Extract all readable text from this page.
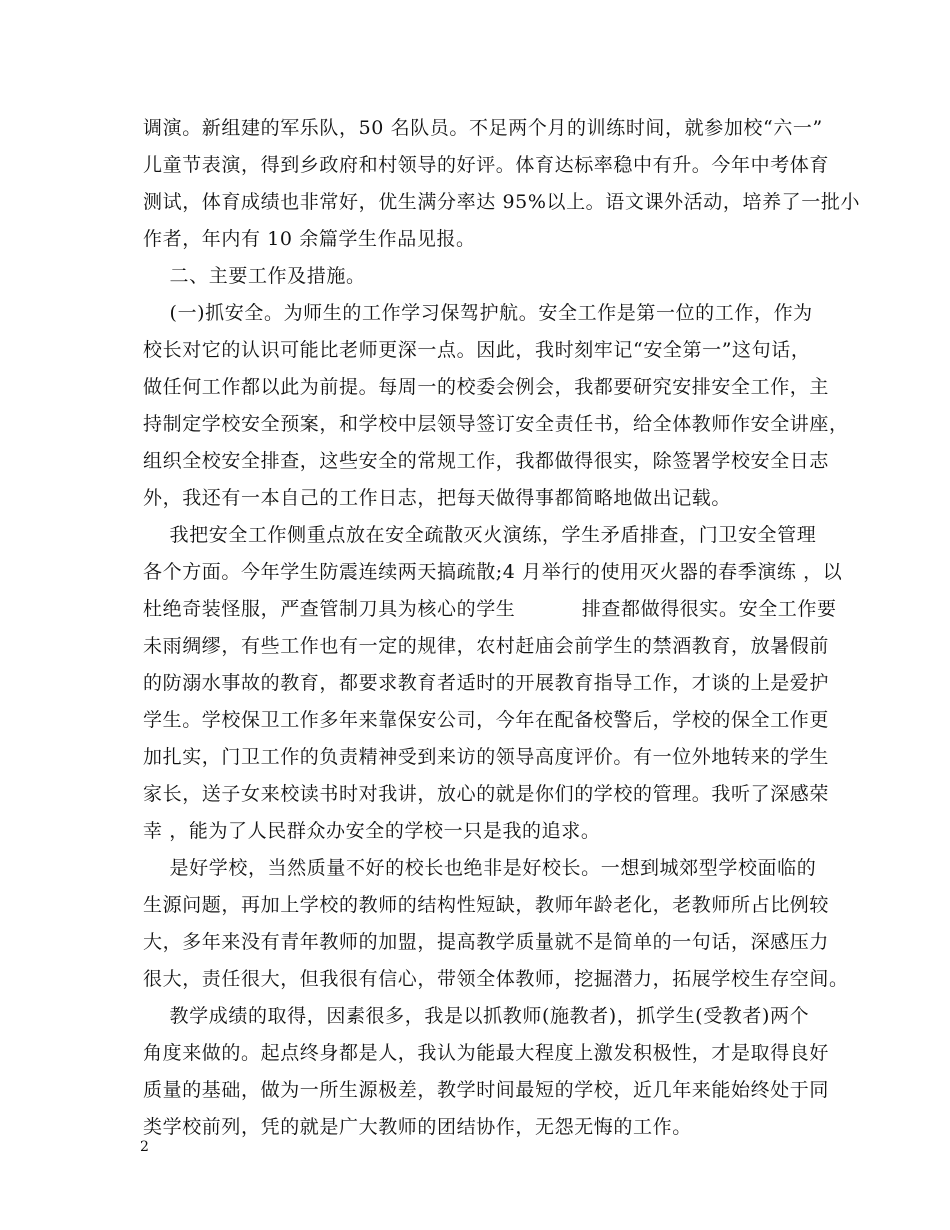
调演。新组建的军乐队，50 名队员。不足两个月的训练时间，就参加校“六一”
儿童节表演，得到乡政府和村领导的好评。体育达标率稳中有升。今年中考体育
测试，体育成绩也非常好，优生满分率达 95%以上。语文课外活动，培养了一批小
作者，年内有 10 余篇学生作品见报。
二、主要工作及措施。
(一)抓安全。为师生的工作学习保驾护航。安全工作是第一位的工作，作为
校长对它的认识可能比老师更深一点。因此，我时刻牢记“安全第一”这句话，
做任何工作都以此为前提。每周一的校委会例会，我都要研究安排安全工作，主
持制定学校安全预案，和学校中层领导签订安全责任书，给全体教师作安全讲座，
组织全校安全排查，这些安全的常规工作，我都做得很实，除签署学校安全日志
外，我还有一本自己的工作日志，把每天做得事都简略地做出记载。
我把安全工作侧重点放在安全疏散灭火演练，学生矛盾排查，门卫安全管理
各个方面。今年学生防震连续两天搞疏散;4 月举行的使用灭火器的春季演练 ，以
杜绝奇装怪服，严查管制刀具为核心的学生          排查都做得很实。安全工作要
未雨绸缪，有些工作也有一定的规律，农村赶庙会前学生的禁酒教育，放暑假前
的防溺水事故的教育，都要求教育者适时的开展教育指导工作，才谈的上是爱护
学生。学校保卫工作多年来靠保安公司，今年在配备校警后，学校的保全工作更
加扎实，门卫工作的负责精神受到来访的领导高度评价。有一位外地转来的学生
家长，送子女来校读书时对我讲，放心的就是你们的学校的管理。我听了深感荣
幸 ，能为了人民群众办安全的学校一只是我的追求。
是好学校，当然质量不好的校长也绝非是好校长。一想到城郊型学校面临的
生源问题，再加上学校的教师的结构性短缺，教师年龄老化，老教师所占比例较
大，多年来没有青年教师的加盟，提高教学质量就不是简单的一句话，深感压力
很大，责任很大，但我很有信心，带领全体教师，挖掘潜力，拓展学校生存空间。
教学成绩的取得，因素很多，我是以抓教师(施教者)，抓学生(受教者)两个
角度来做的。起点终身都是人，我认为能最大程度上激发积极性，才是取得良好
质量的基础，做为一所生源极差，教学时间最短的学校，近几年来能始终处于同
类学校前列，凭的就是广大教师的团结协作，无怨无悔的工作。
2
